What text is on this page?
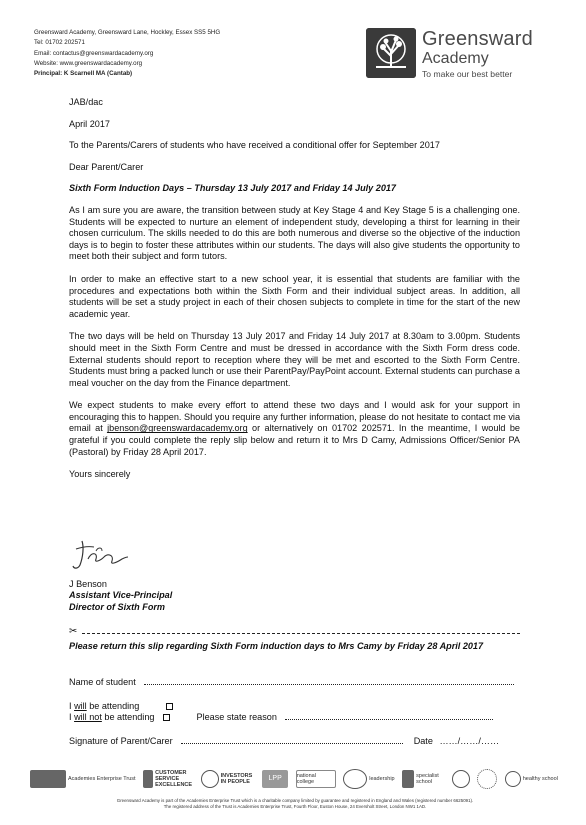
Greensward Academy, Greensward Lane, Hockley, Essex SS5 5HG
Tel: 01702 202571
Email: contactus@greenswardacademy.org
Website: www.greenswardacademy.org
Principal: K Scarnell MA (Cantab)
Greensward
Academy
To make our best better

JAB/dac

April 2017

To the Parents/Carers of students who have received a conditional offer for September 2017

Dear Parent/Carer

Sixth Form Induction Days – Thursday 13 July 2017 and Friday 14 July 2017

As I am sure you are aware, the transition between study at Key Stage 4 and Key Stage 5 is a challenging one. Students will be expected to nurture an element of independent study, developing a thirst for learning in their chosen curriculum. The skills needed to do this are both numerous and diverse so the objective of the induction days is to begin to foster these attributes within our students. The days will also give students the opportunity to meet both their subject and form tutors.

In order to make an effective start to a new school year, it is essential that students are familiar with the procedures and expectations both within the Sixth Form and their individual subject areas. In addition, all students will be set a study project in each of their chosen subjects to complete in time for the start of the new academic year.

The two days will be held on Thursday 13 July 2017 and Friday 14 July 2017 at 8.30am to 3.00pm. Students should meet in the Sixth Form Centre and must be dressed in accordance with the Sixth Form dress code. External students should report to reception where they will be met and escorted to the Sixth Form Centre. Students must bring a packed lunch or use their ParentPay/PayPoint account. External students can purchase a meal voucher on the day from the Finance department.

We expect students to make every effort to attend these two days and I would ask for your support in encouraging this to happen. Should you require any further information, please do not hesitate to contact me via email at jbenson@greenswardacademy.org or alternatively on 01702 202571. In the meantime, I would be grateful if you could complete the reply slip below and return it to Mrs D Camy, Admissions Officer/Senior PA (Pastoral) by Friday 28 April 2017.

Yours sincerely

J Benson
Assistant Vice-Principal
Director of Sixth Form
✂
Please return this slip regarding Sixth Form induction days to Mrs Camy by Friday 28 April 2017
Name of student
I will be attending
I will not be attending	Please state reason
Signature of Parent/Carer	Date ……/……/……
Academies Enterprise Trust
CUSTOMER SERVICE EXCELLENCE
INVESTORS IN PEOPLE	LPP	national college	leadership	specialist school	healthy school
Greensward Academy is part of the Academies Enterprise Trust which is a charitable company limited by guarantee and registered in England and Wales (registered number 6625091).
The registered address of the Trust is Academies Enterprise Trust, Fourth Floor, Euston House, 24 Eversholt Street, London NW1 1AD.
